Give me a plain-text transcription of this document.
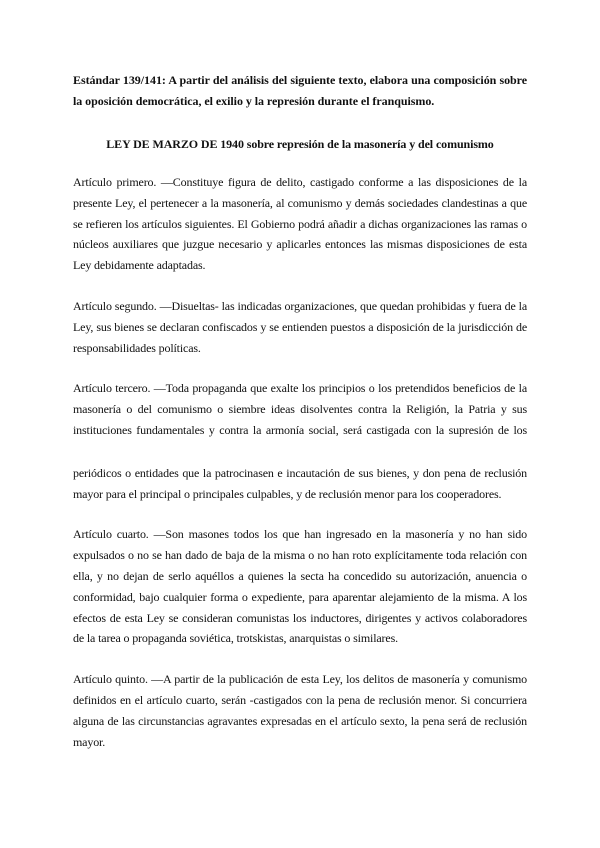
Estándar 139/141: A partir del análisis del siguiente texto, elabora una composición sobre la oposición democrática, el exilio y la represión durante el franquismo.

LEY DE MARZO DE 1940 sobre represión de la masonería y del comunismo

Artículo primero. —Constituye figura de delito, castigado conforme a las disposiciones de la presente Ley, el pertenecer a la masonería, al comunismo y demás sociedades clandestinas a que se refieren los artículos siguientes. El Gobierno podrá añadir a dichas organizaciones las ramas o núcleos auxiliares que juzgue necesario y aplicarles entonces las mismas disposiciones de esta Ley debidamente adaptadas.

Artículo segundo. —Disueltas- las indicadas organizaciones, que quedan prohibidas y fuera de la Ley, sus bienes se declaran confiscados y se entienden puestos a disposición de la jurisdicción de responsabilidades políticas.

Artículo tercero. —Toda propaganda que exalte los principios o los pretendidos beneficios de la masonería o del comunismo o siembre ideas disolventes contra la Religión, la Patria y sus instituciones fundamentales y contra la armonía social, será castigada con la supresión de los

periódicos o entidades que la patrocinasen e incautación de sus bienes, y don pena de reclusión mayor para el principal o principales culpables, y de reclusión menor para los cooperadores.

Artículo cuarto. —Son masones todos los que han ingresado en la masonería y no han sido expulsados o no se han dado de baja de la misma o no han roto explícitamente toda relación con ella, y no dejan de serlo aquéllos a quienes la secta ha concedido su autorización, anuencia o conformidad, bajo cualquier forma o expediente, para aparentar alejamiento de la misma. A los efectos de esta Ley se consideran comunistas los inductores, dirigentes y activos colaboradores de la tarea o propaganda soviética, trotskistas, anarquistas o similares.

Artículo quinto. —A partir de la publicación de esta Ley, los delitos de masonería y comunismo definidos en el artículo cuarto, serán -castigados con la pena de reclusión menor. Si concurriera alguna de las circunstancias agravantes expresadas en el artículo sexto, la pena será de reclusión mayor.
